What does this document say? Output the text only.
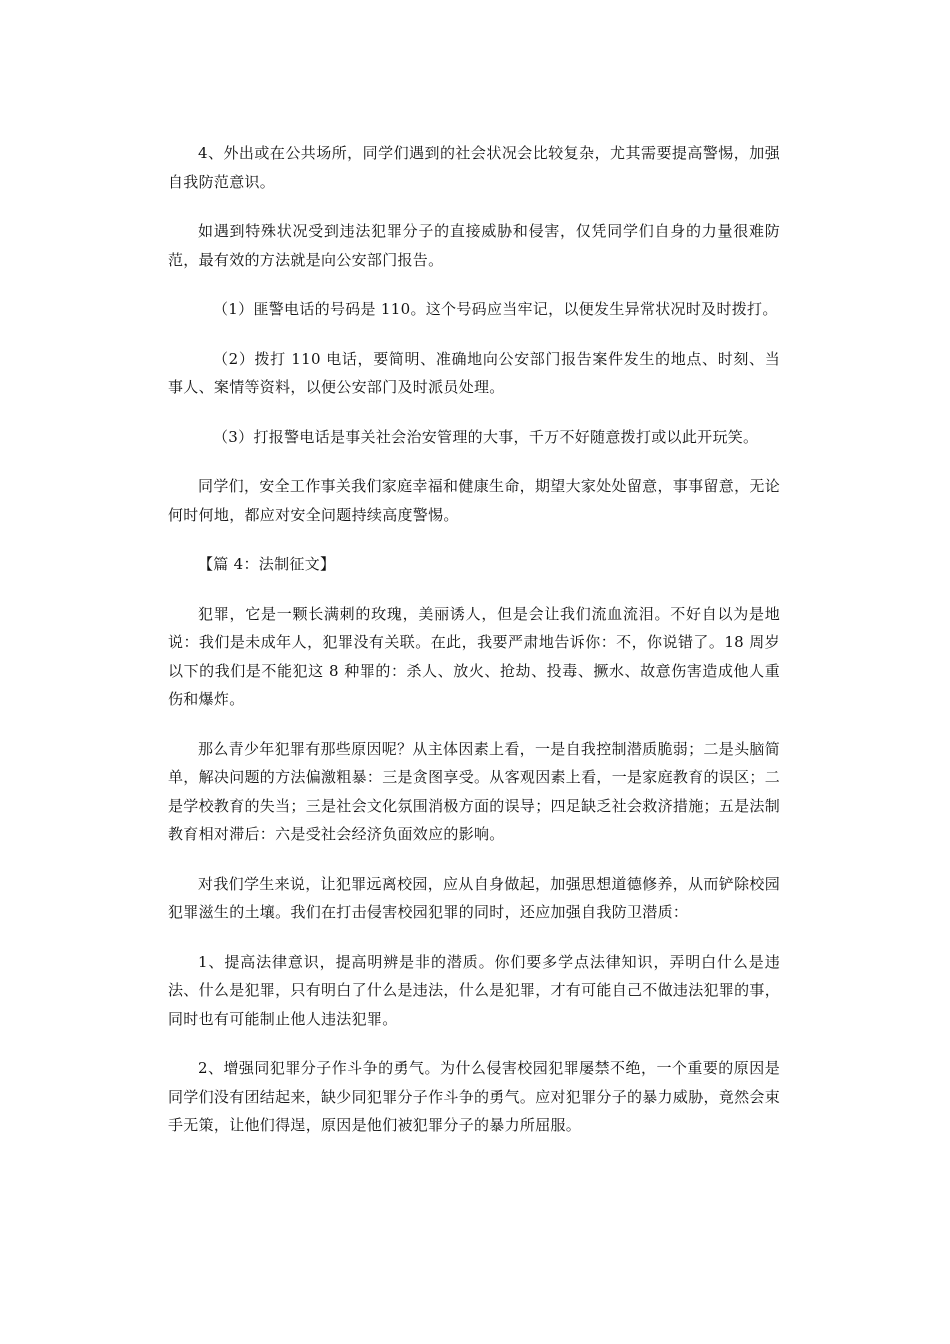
4、外出或在公共场所，同学们遇到的社会状况会比较复杂，尤其需要提高警惕，加强自我防范意识。

如遇到特殊状况受到违法犯罪分子的直接威胁和侵害，仅凭同学们自身的力量很难防范，最有效的方法就是向公安部门报告。

（1）匪警电话的号码是 110。这个号码应当牢记，以便发生异常状况时及时拨打。

（2）拨打 110 电话，要简明、准确地向公安部门报告案件发生的地点、时刻、当事人、案情等资料，以便公安部门及时派员处理。

（3）打报警电话是事关社会治安管理的大事，千万不好随意拨打或以此开玩笑。

同学们，安全工作事关我们家庭幸福和健康生命，期望大家处处留意，事事留意，无论何时何地，都应对安全问题持续高度警惕。

【篇 4：法制征文】

犯罪，它是一颗长满刺的玫瑰，美丽诱人，但是会让我们流血流泪。不好自以为是地说：我们是未成年人，犯罪没有关联。在此，我要严肃地告诉你：不，你说错了。18 周岁以下的我们是不能犯这 8 种罪的：杀人、放火、抢劫、投毒、撅水、故意伤害造成他人重伤和爆炸。

那么青少年犯罪有那些原因呢？从主体因素上看，一是自我控制潜质脆弱；二是头脑简单，解决问题的方法偏激粗暴：三是贪图享受。从客观因素上看，一是家庭教育的误区；二是学校教育的失当；三是社会文化氛围消极方面的误导；四足缺乏社会救济措施；五是法制教育相对滞后：六是受社会经济负面效应的影响。

对我们学生来说，让犯罪远离校园，应从自身做起，加强思想道德修养，从而铲除校园犯罪滋生的土壤。我们在打击侵害校园犯罪的同时，还应加强自我防卫潜质：

1、提高法律意识，提高明辨是非的潜质。你们要多学点法律知识，弄明白什么是违法、什么是犯罪，只有明白了什么是违法，什么是犯罪，才有可能自己不做违法犯罪的事，同时也有可能制止他人违法犯罪。

2、增强同犯罪分子作斗争的勇气。为什么侵害校园犯罪屡禁不绝，一个重要的原因是同学们没有团结起来，缺少同犯罪分子作斗争的勇气。应对犯罪分子的暴力威胁，竟然会束手无策，让他们得逞，原因是他们被犯罪分子的暴力所屈服。
